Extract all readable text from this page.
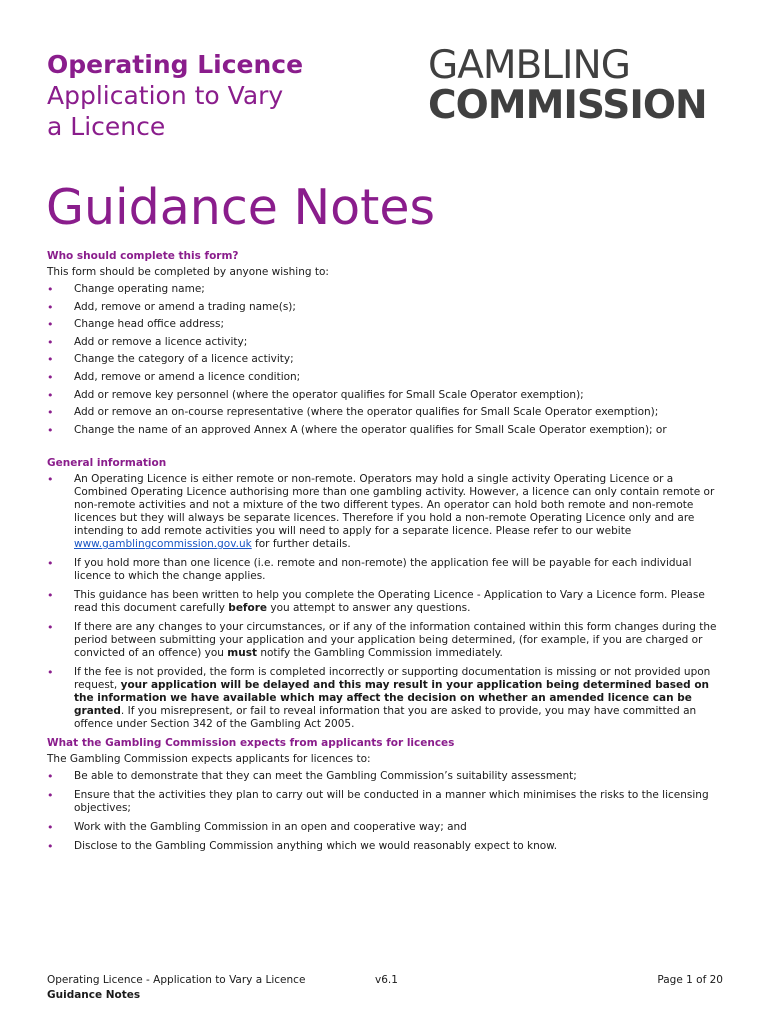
Operating Licence
Application to Vary
a Licence
GAMBLING
COMMISSION
Guidance Notes
Who should complete this form?
This form should be completed by anyone wishing to:
• Change operating name;
• Add, remove or amend a trading name(s);
• Change head office address;
• Add or remove a licence activity;
• Change the category of a licence activity;
• Add, remove or amend a licence condition;
• Add or remove key personnel (where the operator qualifies for Small Scale Operator exemption);
• Add or remove an on-course representative (where the operator qualifies for Small Scale Operator exemption);
• Change the name of an approved Annex A (where the operator qualifies for Small Scale Operator exemption); or
General information
• An Operating Licence is either remote or non-remote. Operators may hold a single activity Operating Licence or a Combined Operating Licence authorising more than one gambling activity. However, a licence can only contain remote or non-remote activities and not a mixture of the two different types. An operator can hold both remote and non-remote licences but they will always be separate licences. Therefore if you hold a non-remote Operating Licence only and are intending to add remote activities you will need to apply for a separate licence. Please refer to our webite www.gamblingcommission.gov.uk for further details.
• If you hold more than one licence (i.e. remote and non-remote) the application fee will be payable for each individual licence to which the change applies.
• This guidance has been written to help you complete the Operating Licence - Application to Vary a Licence form. Please read this document carefully before you attempt to answer any questions.
• If there are any changes to your circumstances, or if any of the information contained within this form changes during the period between submitting your application and your application being determined, (for example, if you are charged or convicted of an offence) you must notify the Gambling Commission immediately.
• If the fee is not provided, the form is completed incorrectly or supporting documentation is missing or not provided upon request, your application will be delayed and this may result in your application being determined based on the information we have available which may affect the decision on whether an amended licence can be granted. If you misrepresent, or fail to reveal information that you are asked to provide, you may have committed an offence under Section 342 of the Gambling Act 2005.
What the Gambling Commission expects from applicants for licences
The Gambling Commission expects applicants for licences to:
• Be able to demonstrate that they can meet the Gambling Commission’s suitability assessment;
• Ensure that the activities they plan to carry out will be conducted in a manner which minimises the risks to the licensing objectives;
• Work with the Gambling Commission in an open and cooperative way; and
• Disclose to the Gambling Commission anything which we would reasonably expect to know.
Operating Licence - Application to Vary a Licence
Guidance Notes
v6.1	Page 1 of 20
